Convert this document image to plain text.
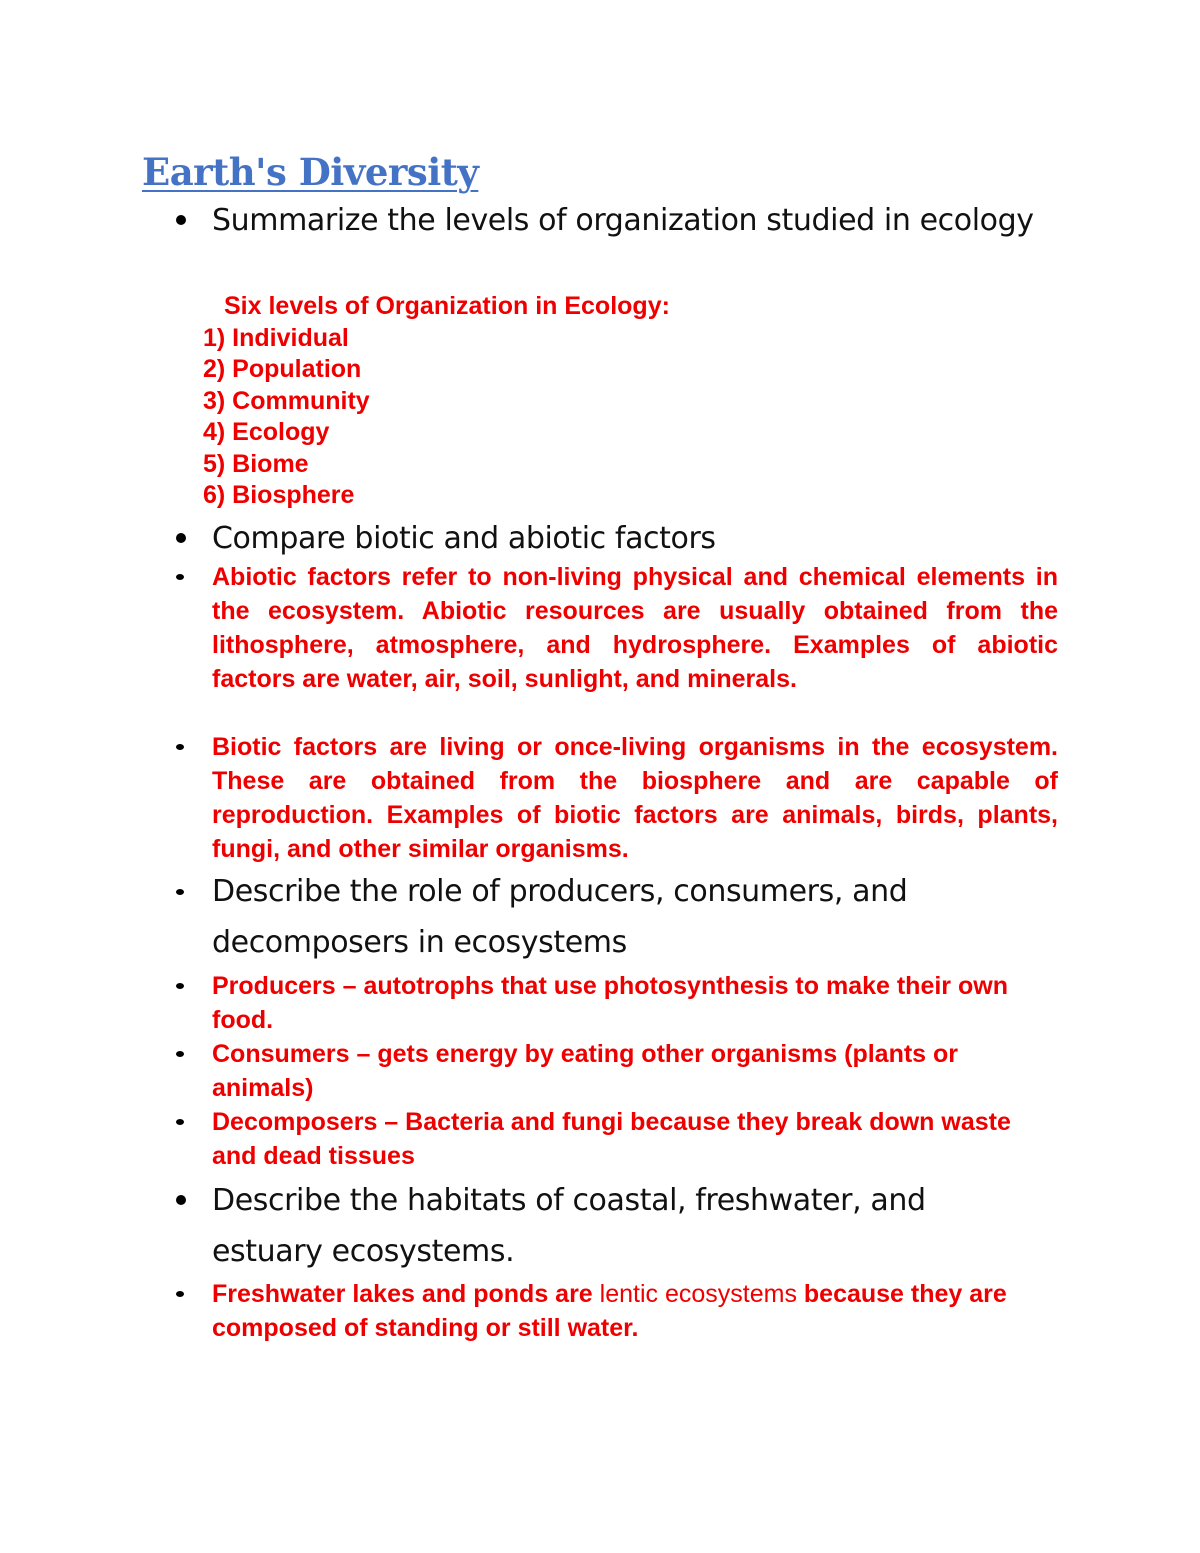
Earth's Diversity
Summarize the levels of organization studied in ecology

Six levels of Organization in Ecology:

1) Individual
2) Population
3) Community
4) Ecology
5) Biome
6) Biosphere
Compare biotic and abiotic factors
Abiotic factors refer to non-living physical and chemical elements in the ecosystem. Abiotic resources are usually obtained from the lithosphere, atmosphere, and hydrosphere. Examples of abiotic factors are water, air, soil, sunlight, and minerals.
Biotic factors are living or once-living organisms in the ecosystem. These are obtained from the biosphere and are capable of reproduction. Examples of biotic factors are animals, birds, plants, fungi, and other similar organisms.
Describe the role of producers, consumers, and decomposers in ecosystems
Producers – autotrophs that use photosynthesis to make their own food.
Consumers – gets energy by eating other organisms (plants or animals)
Decomposers – Bacteria and fungi because they break down waste and dead tissues
Describe the habitats of coastal, freshwater, and estuary ecosystems.
Freshwater lakes and ponds are lentic ecosystems because they are composed of standing or still water.
